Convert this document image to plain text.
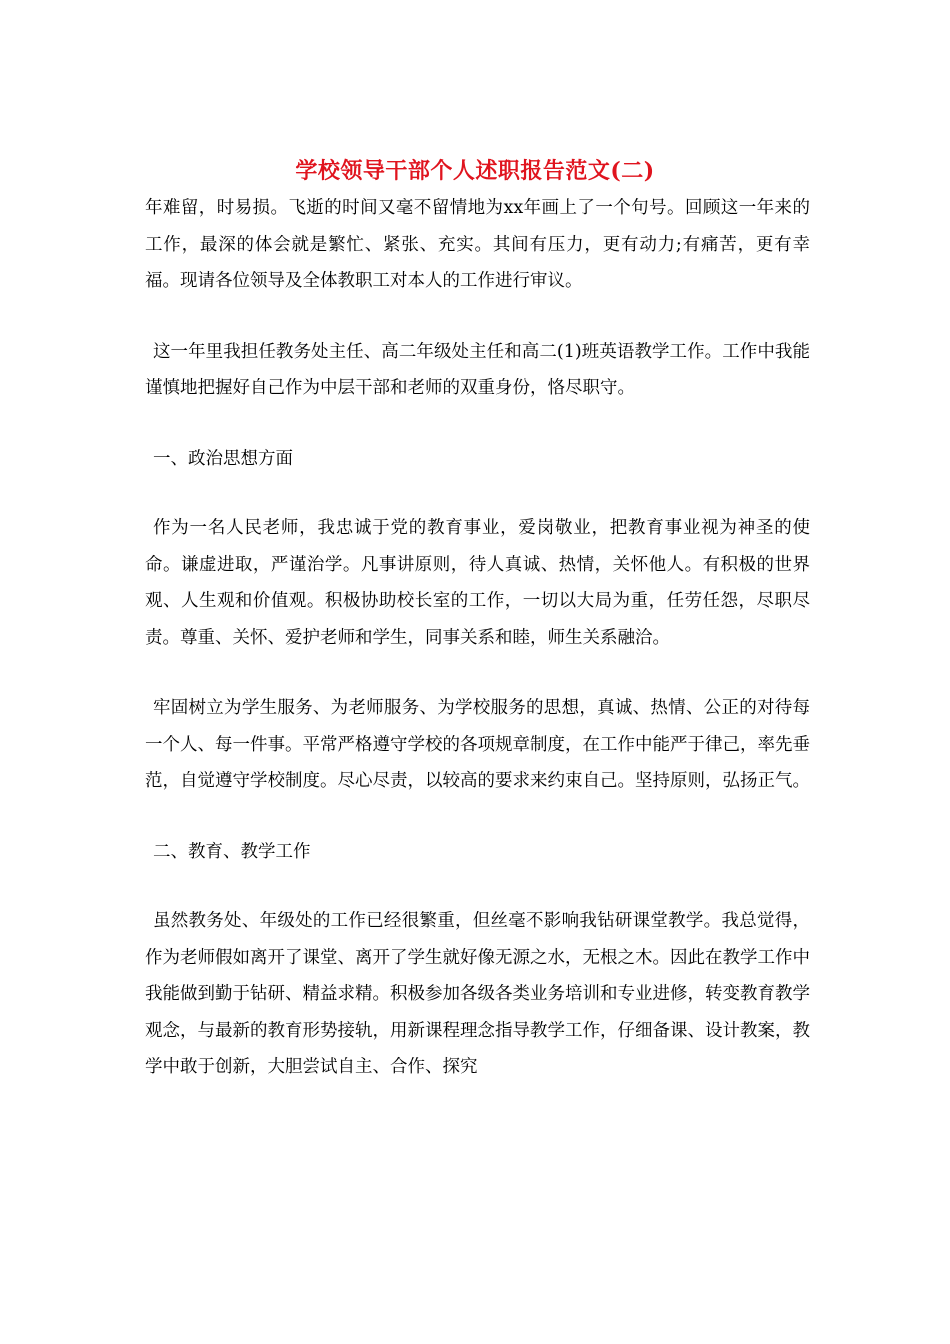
学校领导干部个人述职报告范文(二)

年难留，时易损。飞逝的时间又毫不留情地为xx年画上了一个句号。回顾这一年来的工作，最深的体会就是繁忙、紧张、充实。其间有压力，更有动力;有痛苦，更有幸福。现请各位领导及全体教职工对本人的工作进行审议。

这一年里我担任教务处主任、高二年级处主任和高二(1)班英语教学工作。工作中我能谨慎地把握好自己作为中层干部和老师的双重身份，恪尽职守。

一、政治思想方面

作为一名人民老师，我忠诚于党的教育事业，爱岗敬业，把教育事业视为神圣的使命。谦虚进取，严谨治学。凡事讲原则，待人真诚、热情，关怀他人。有积极的世界观、人生观和价值观。积极协助校长室的工作，一切以大局为重，任劳任怨，尽职尽责。尊重、关怀、爱护老师和学生，同事关系和睦，师生关系融洽。

牢固树立为学生服务、为老师服务、为学校服务的思想，真诚、热情、公正的对待每一个人、每一件事。平常严格遵守学校的各项规章制度，在工作中能严于律己，率先垂范，自觉遵守学校制度。尽心尽责，以较高的要求来约束自己。坚持原则，弘扬正气。

二、教育、教学工作

虽然教务处、年级处的工作已经很繁重，但丝毫不影响我钻研课堂教学。我总觉得，作为老师假如离开了课堂、离开了学生就好像无源之水，无根之木。因此在教学工作中我能做到勤于钻研、精益求精。积极参加各级各类业务培训和专业进修，转变教育教学观念，与最新的教育形势接轨，用新课程理念指导教学工作，仔细备课、设计教案，教学中敢于创新，大胆尝试自主、合作、探究
